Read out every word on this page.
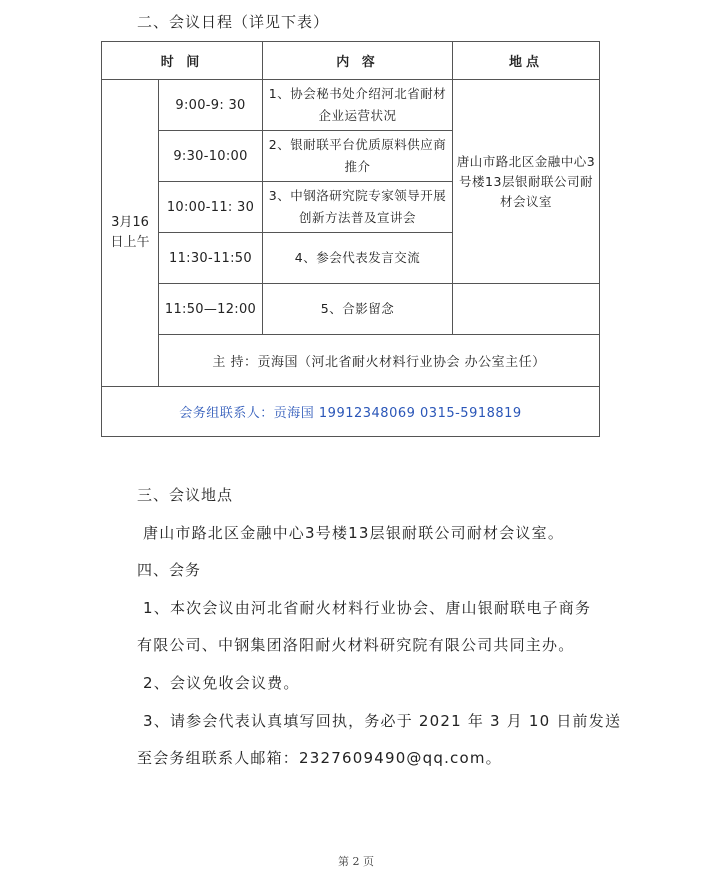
二、会议日程（详见下表）
时 间		内 容	地点
3月16日上午	9:00-9: 30	1、协会秘书处介绍河北省耐材企业运营状况	唐山市路北区金融中心3号楼13层银耐联公司耐材会议室
	9:30-10:00	2、银耐联平台优质原料供应商推介	
	10:00-11: 30	3、中钢洛研究院专家领导开展创新方法普及宣讲会	
	11:30-11:50	4、参会代表发言交流	
	11:50—12:00	5、合影留念	
	主 持：贡海国（河北省耐火材料行业协会 办公室主任）		
会务组联系人：贡海国 19912348069 0315-5918819			
三、会议地点
唐山市路北区金融中心3号楼13层银耐联公司耐材会议室。
四、会务
1、本次会议由河北省耐火材料行业协会、唐山银耐联电子商务
有限公司、中钢集团洛阳耐火材料研究院有限公司共同主办。
2、会议免收会议费。
3、请参会代表认真填写回执，务必于 2021 年 3 月 10 日前发送
至会务组联系人邮箱：2327609490@qq.com。
第 2 页
